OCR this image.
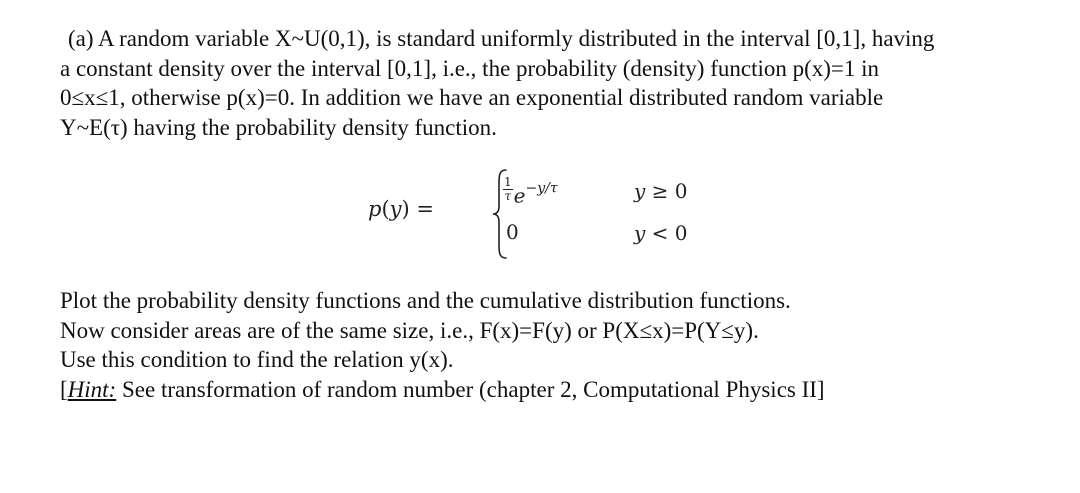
(a) A random variable X~U(0,1), is standard uniformly distributed in the interval [0,1], having
a constant density over the interval [0,1], i.e., the probability (density) function p(x)=1 in
0≤x≤1, otherwise p(x)=0. In addition we have an exponential distributed random variable
Y~E(τ) having the probability density function.
p(y) =
$\frac{1}{\tau} e-y/\tau$	y ≥ 0
0	y < 0
Plot the probability density functions and the cumulative distribution functions.
Now consider areas are of the same size, i.e., F(x)=F(y) or P(X≤x)=P(Y≤y).
Use this condition to find the relation y(x).
[Hint: See transformation of random number (chapter 2, Computational Physics II]
